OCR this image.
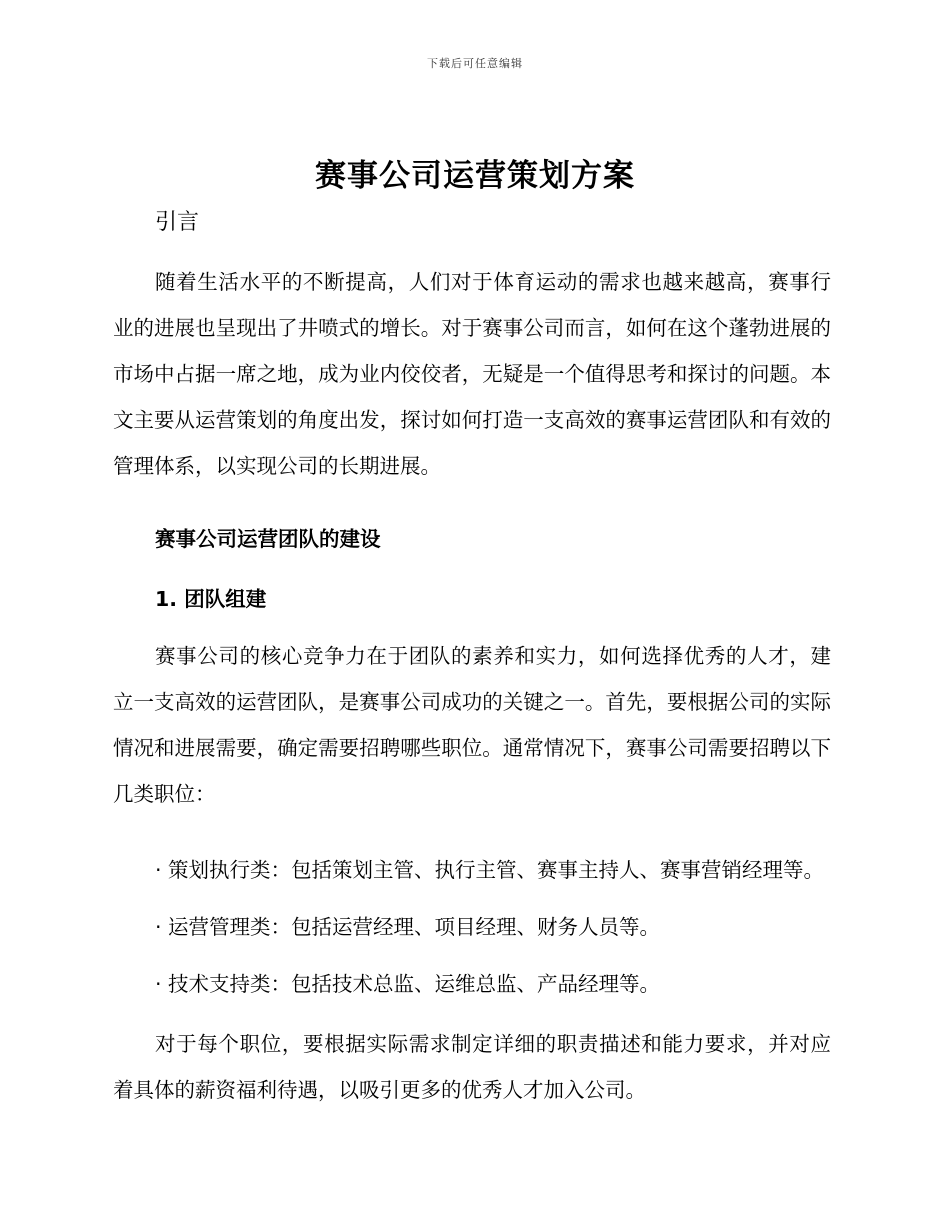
下载后可任意编辑
赛事公司运营策划方案
引言

随着生活水平的不断提高，人们对于体育运动的需求也越来越高，赛事行业的进展也呈现出了井喷式的增长。对于赛事公司而言，如何在这个蓬勃进展的市场中占据一席之地，成为业内佼佼者，无疑是一个值得思考和探讨的问题。本文主要从运营策划的角度出发，探讨如何打造一支高效的赛事运营团队和有效的管理体系，以实现公司的长期进展。

赛事公司运营团队的建设
1. 团队组建

赛事公司的核心竞争力在于团队的素养和实力，如何选择优秀的人才，建立一支高效的运营团队，是赛事公司成功的关键之一。首先，要根据公司的实际情况和进展需要，确定需要招聘哪些职位。通常情况下，赛事公司需要招聘以下几类职位：

· 策划执行类：包括策划主管、执行主管、赛事主持人、赛事营销经理等。

· 运营管理类：包括运营经理、项目经理、财务人员等。

· 技术支持类：包括技术总监、运维总监、产品经理等。

对于每个职位，要根据实际需求制定详细的职责描述和能力要求，并对应着具体的薪资福利待遇，以吸引更多的优秀人才加入公司。
